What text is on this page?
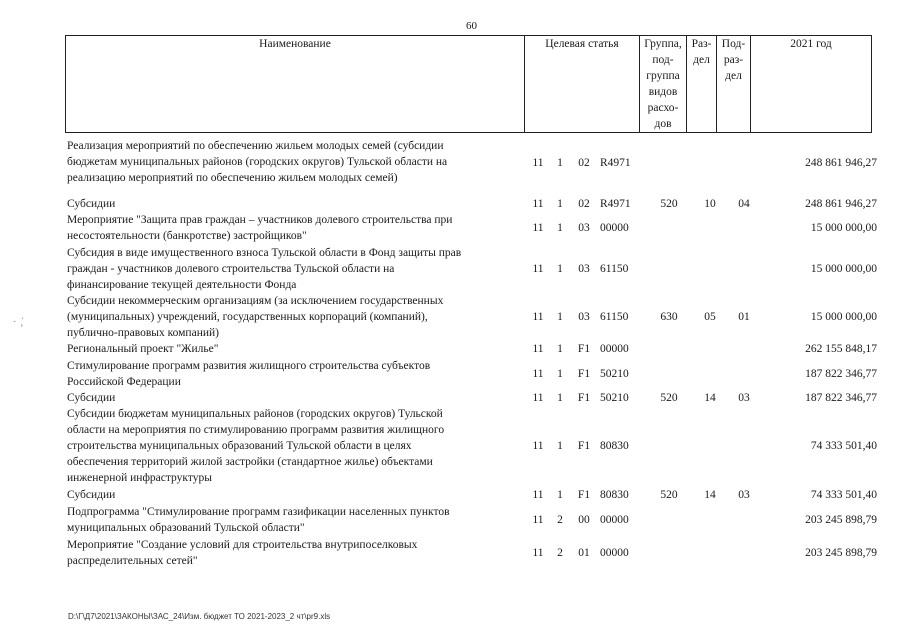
60
Наименование	Целевая статья	Группа,
под-
группа
видов
расхо-
дов	Раз-
дел	Под-
раз-
дел	2021 год
Реализация мероприятий по обеспечению жильем молодых семей (субсидии
бюджетам муниципальных районов (городских округов) Тульской области на
реализацию мероприятий по обеспечению жильем молодых семей)
11 1 02 R4971	248 861 946,27
Субсидии	11 1 02 R4971	520	10	04	248 861 946,27
Мероприятие "Защита прав граждан – участников долевого строительства при
несостоятельности (банкротстве) застройщиков"
11 1 03 00000	15 000 000,00
Субсидия в виде имущественного взноса Тульской области в Фонд защиты прав
граждан - участников долевого строительства Тульской области на
финансирование текущей деятельности Фонда
11 1 03 61150	15 000 000,00
Субсидии некоммерческим организациям (за исключением государственных
(муниципальных) учреждений, государственных корпораций (компаний),
публично-правовых компаний)
11 1 03 61150	630	05	01	15 000 000,00
Региональный проект "Жилье"	11 1 F1 00000	262 155 848,17
Стимулирование программ развития жилищного строительства субъектов
Российской Федерации
11 1 F1 50210	187 822 346,77
Субсидии	11 1 F1 50210	520	14	03	187 822 346,77
Субсидии бюджетам муниципальных районов (городских округов) Тульской
области на мероприятия по стимулированию программ развития жилищного
строительства муниципальных образований Тульской области в целях
обеспечения территорий жилой застройки (стандартное жилье) объектами
инженерной инфраструктуры
11 1 F1 80830	74 333 501,40
Субсидии	11 1 F1 80830	520	14	03	74 333 501,40
Подпрограмма "Стимулирование программ газификации населенных пунктов
муниципальных образований Тульской области"
11 2 00 00000	203 245 898,79
Мероприятие "Создание условий для строительства внутрипоселковых
распределительных сетей"
11 2 01 00000	203 245 898,79
ˋ ,ˊ
D:\Г\Д7\2021\ЗАКОНЫ\ЗАС_24\Изм. бюджет ТО 2021-2023_2 чт\pr9.xls
